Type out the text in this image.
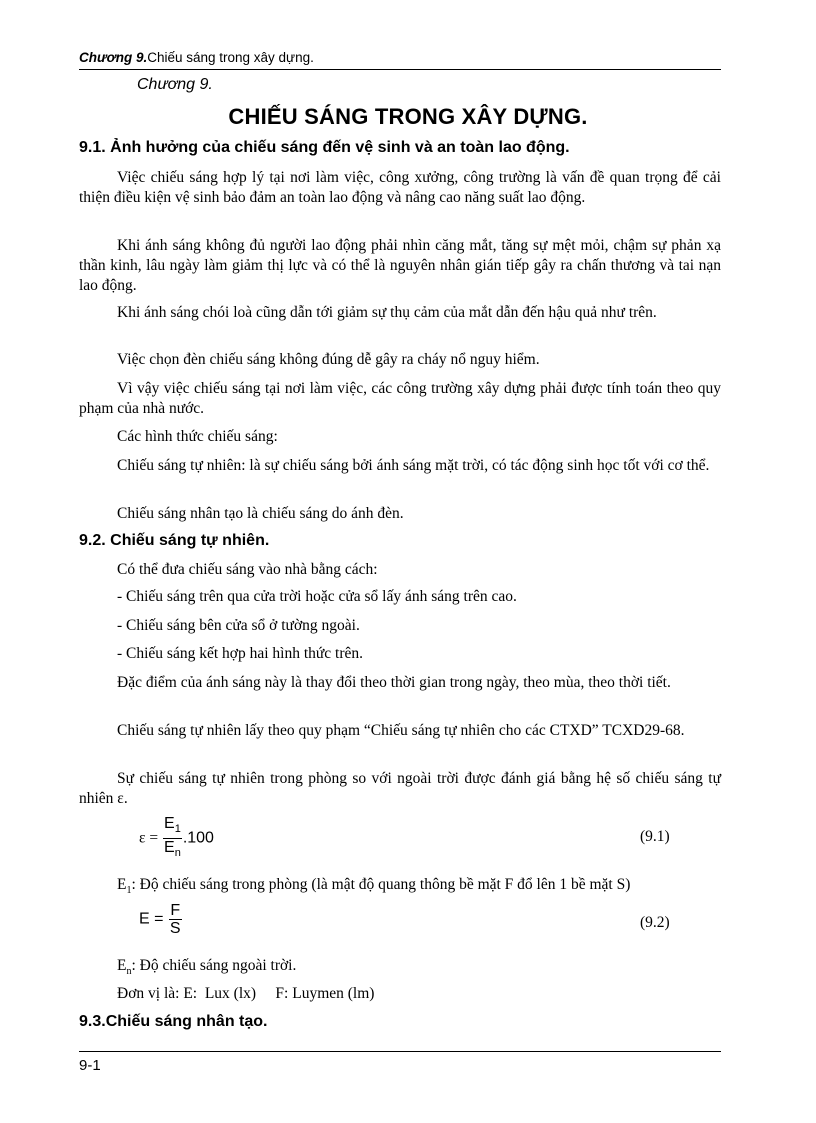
Chương 9.Chiếu sáng trong xây dựng.
Chương 9.
CHIẾU SÁNG TRONG XÂY DỰNG.
9.1. Ảnh hưởng của chiếu sáng đến vệ sinh và an toàn lao động.
Việc chiếu sáng hợp lý tại nơi làm việc, công xưởng, công trường là vấn đề quan trọng để cải thiện điều kiện vệ sinh bảo đảm an toàn lao động và nâng cao năng suất lao động.
Khi ánh sáng không đủ người lao động phải nhìn căng mắt, tăng sự mệt mỏi, chậm sự phản xạ thần kinh, lâu ngày làm giảm thị lực và có thể là nguyên nhân gián tiếp gây ra chấn thương và tai nạn lao động.
Khi ánh sáng chói loà cũng dẫn tới giảm sự thụ cảm của mắt dẫn đến hậu quả như trên.
Việc chọn đèn chiếu sáng không đúng dễ gây ra cháy nổ nguy hiểm.
Vì vậy việc chiếu sáng tại nơi làm việc, các công trường xây dựng phải được tính toán theo quy phạm của nhà nước.
Các hình thức chiếu sáng:
Chiếu sáng tự nhiên: là sự chiếu sáng bởi ánh sáng mặt trời, có tác động sinh học tốt với cơ thể.
Chiếu sáng nhân tạo là chiếu sáng do ánh đèn.
9.2. Chiếu sáng tự nhiên.
Có thể đưa chiếu sáng vào nhà bằng cách:
- Chiếu sáng trên qua cửa trời hoặc cửa sổ lấy ánh sáng trên cao.
- Chiếu sáng bên cửa sổ ở tường ngoài.
- Chiếu sáng kết hợp hai hình thức trên.
Đặc điểm của ánh sáng này là thay đổi theo thời gian trong ngày, theo mùa, theo thời tiết.
Chiếu sáng tự nhiên lấy theo quy phạm “Chiếu sáng tự nhiên cho các CTXD” TCXD29-68.
Sự chiếu sáng tự nhiên trong phòng so với ngoài trời được đánh giá bằng hệ số chiếu sáng tự nhiên ε.
$\varepsilon = \frac{E_1}{E_n} .100$	(9.1)
$E_1$: Độ chiếu sáng trong phòng (là mật độ quang thông bề mặt F đổ lên 1 bề mặt S)
$E = \frac{F}{S}$	(9.2)
$E_n$: Độ chiếu sáng ngoài trời.
Đơn vị là: E:  Lux (lx)     F: Luymen (lm)
9.3.Chiếu sáng nhân tạo.
9-1
